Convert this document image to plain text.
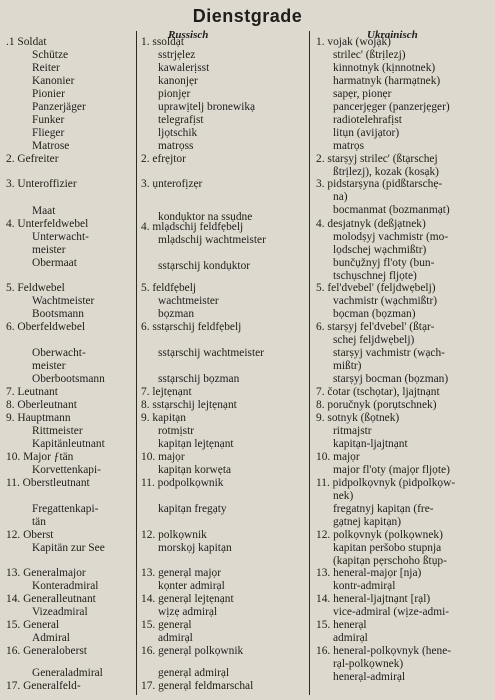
Dienstgrade
Russisch	Ukrainisch
.1 Soldat
Schütze
Reiter
Kanonier
Pionier
Panzerjäger
Funker
Flieger
Matrose
2. Gefreiter
3. Unteroffizier
Maat
4. Unterfeldwebel
Unterwacht-
meister
Obermaat
5. Feldwebel
Wachtmeister
Bootsmann
6. Oberfeldwebel
Oberwacht-
meister
Oberbootsmann
7. Leutnant
8. Oberleutnant
9. Hauptmann
Rittmeister
Kapitänleutnant
10. Major ƒtän
Korvettenkapi-
11. Oberstleutnant
Fregattenkapi-
tän
12. Oberst
Kapitän zur See
13. Generalmajor
Konteradmiral
14. Generalleutnant
Vizeadmiral
15. General
Admiral
16. Generaloberst
Generaladmiral
17. Generalfeld-
1. ssoldạt
sstrjẹlez
kawalerịsst
kanonjẹr
pionjẹr
uprawịtelj bronewikạ
telegrafịst
ljọtschik
matrọss
2. efrẹjtor
3. ụnterofịzẹr
kondụktor na ssụdne
4. mlạdschij feldfẹbelj
mlạdschij wachtmeister
sstạrschij kondụktor
5. feldfẹbelj
wachtmeister
bọzman
6. sstạrschij feldfẹbelj
sstạrschij wachtmeister
sstạrschij bọzman
7. lejtẹnạnt
8. sstạrschij lejtẹnạnt
9. kapitạn
rotmịstr
kapitạn lejtẹnạnt
10. majọr
kapitạn korwẹta
11. podpolkọwnik
kapitạn fregạty
12. polkọwnik
morskọj kapitạn
13. generạl majọr
kọnter admirạl
14. generạl lejtẹnạnt
wịzẹ admirạl
15. generạl
admirạl
16. generạl polkọwnik
generạl admirạl
17. generạl feldmarschal
1. vojak (wojạk)
strilec' (ßtrịlezj)
kinnotnyk (kịnnotnek)
harmatnyk (harmạtnek)
sapẹr, pionẹr
pancerjẹger (panzerjẹger)
radiotelehrafịst
litụn (avijạtor)
matrọs
2. starṣyj strilec' (ßtạrschej
ßtrịlezj), kozak (kosạk)
3. pidstarṣyna (pidßtarschẹ-
na)
bocmanmat (bozmanmạt)
4. desjatnyk (deßjạtnek)
molodṣyj vachmistr (mo-
lọdschej wạchmißtr)
bunčụžnyj fl'oty (bun-
tschụschnej fljọte)
5. fel'dvebel' (feljdwẹbelj)
vachmistr (wạchmißtr)
bọcman (bọzman)
6. starṣyj fel'dvebel' (ßtạr-
schej feljdwẹbelj)
starṣyj vachmistr (wạch-
mißtr)
starṣyj bocman (bọzman)
7. čotar (tschọtar), ljajtnạnt
8. poručnyk (porụtschnek)
9. sotnyk (ßọtnek)
ritmajstr
kapitạn-ljajtnạnt
10. majọr
major fl'oty (majọr fljọte)
11. pidpolkọvnyk (pidpolkọw-
nek)
fregatnyj kapitạn (fre-
gạtnej kapitạn)
12. polkọvnyk (polkọwnek)
kapitan peršobo stupnja
(kapitạn pẹrschoho ßtụp-
13. heneral-majọr [nja)
kontr-admirạl
14. heneral-ljajtnạnt [rạl)
vice-admiral (wịze-admi-
15. henerạl
admirạl
16. heneral-polkọvnyk (hene-
rạl-polkọwnek)
henerạl-admirạl
